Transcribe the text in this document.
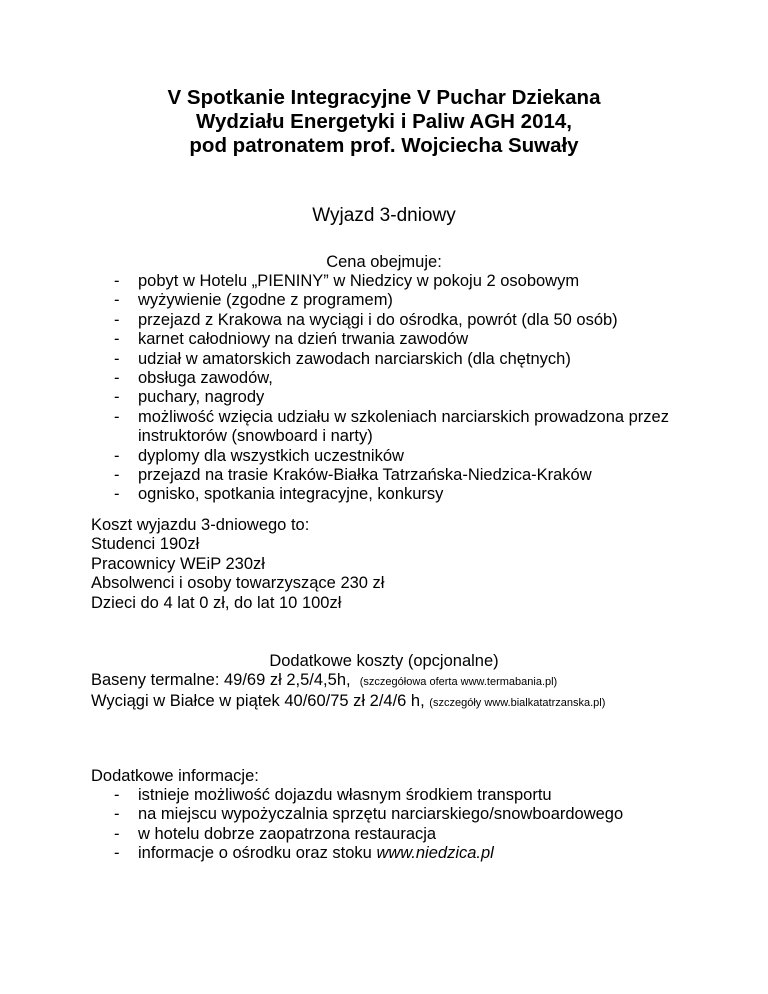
V Spotkanie Integracyjne V Puchar Dziekana
Wydziału Energetyki i Paliw AGH 2014,
pod patronatem prof. Wojciecha Suwały

Wyjazd 3-dniowy

Cena obejmuje:

- pobyt w Hotelu „PIENINY” w Niedzicy w pokoju 2 osobowym
- wyżywienie (zgodne z programem)
- przejazd z Krakowa na wyciągi i do ośrodka, powrót (dla 50 osób)
- karnet całodniowy na dzień trwania zawodów
- udział w amatorskich zawodach narciarskich (dla chętnych)
- obsługa zawodów,
- puchary, nagrody
- możliwość wzięcia udziału w szkoleniach narciarskich prowadzona przez instruktorów (snowboard i narty)
- dyplomy dla wszystkich uczestników
- przejazd na trasie Kraków-Białka Tatrzańska-Niedzica-Kraków
- ognisko, spotkania integracyjne, konkursy
Koszt wyjazdu 3-dniowego to:
Studenci 190zł
Pracownicy WEiP 230zł
Absolwenci i osoby towarzyszące 230 zł
Dzieci do 4 lat 0 zł, do lat 10 100zł

Dodatkowe koszty (opcjonalne)

Baseny termalne: 49/69 zł 2,5/4,5h, (szczegółowa oferta www.termabania.pl)
Wyciągi w Białce w piątek 40/60/75 zł 2/4/6 h, (szczegóły www.bialkatatrzanska.pl)

Dodatkowe informacje:

- istnieje możliwość dojazdu własnym środkiem transportu
- na miejscu wypożyczalnia sprzętu narciarskiego/snowboardowego
- w hotelu dobrze zaopatrzona restauracja
- informacje o ośrodku oraz stoku www.niedzica.pl
